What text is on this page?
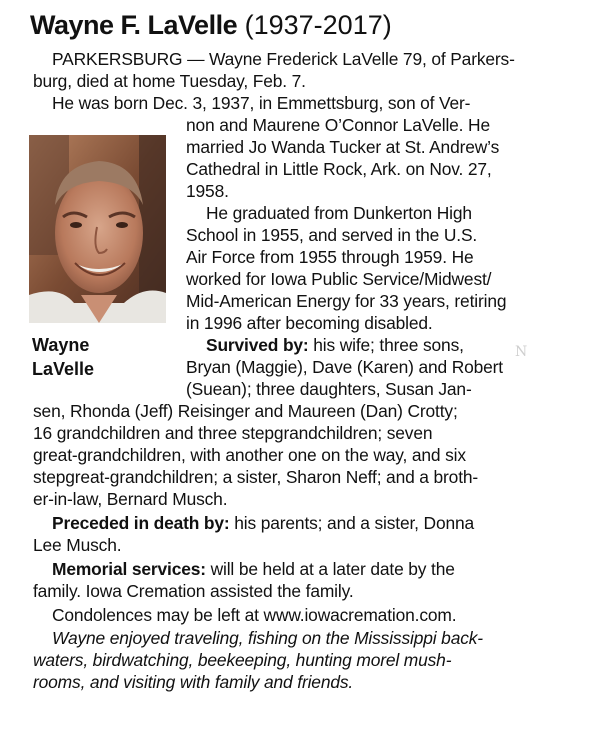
Wayne F. LaVelle (1937-2017)
PARKERSBURG — Wayne Frederick LaVelle 79, of Parkers-
burg, died at home Tuesday, Feb. 7.
He was born Dec. 3, 1937, in Emmettsburg, son of Ver-
non and Maurene O’Connor LaVelle. He
married Jo Wanda Tucker at St. Andrew’s
Cathedral in Little Rock, Ark. on Nov. 27,
1958.
He graduated from Dunkerton High
School in 1955, and served in the U.S.
Air Force from 1955 through 1959. He
worked for Iowa Public Service/Midwest/
Mid-American Energy for 33 years, retiring
in 1996 after becoming disabled.
Wayne
LaVelle
Survived by: his wife; three sons,	N
Bryan (Maggie), Dave (Karen) and Robert
(Suean); three daughters, Susan Jan-
sen, Rhonda (Jeff) Reisinger and Maureen (Dan) Crotty;
16 grandchildren and three stepgrandchildren; seven
great-grandchildren, with another one on the way, and six
stepgreat-grandchildren; a sister, Sharon Neff; and a broth-
er-in-law, Bernard Musch.
Preceded in death by: his parents; and a sister, Donna
Lee Musch.
Memorial services: will be held at a later date by the
family. Iowa Cremation assisted the family.
Condolences may be left at www.iowacremation.com.
Wayne enjoyed traveling, fishing on the Mississippi back-
waters, birdwatching, beekeeping, hunting morel mush-
rooms, and visiting with family and friends.
